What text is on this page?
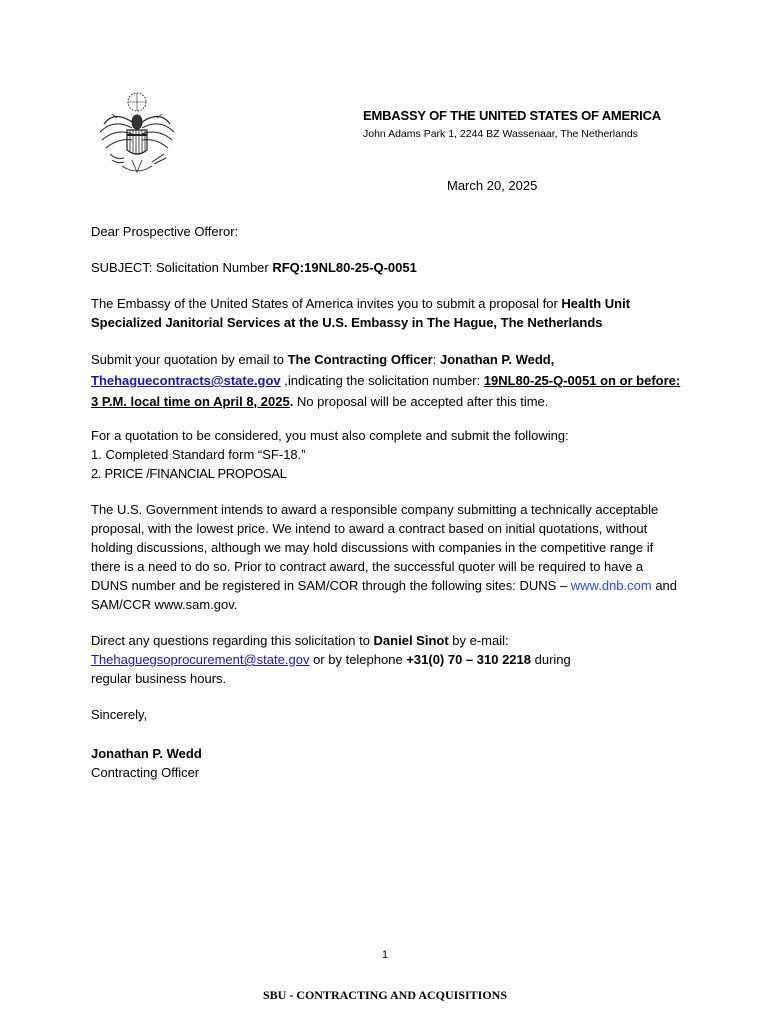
EMBASSY OF THE UNITED STATES OF AMERICA
John Adams Park 1, 2244 BZ Wassenaar, The Netherlands
March 20, 2025

Dear Prospective Offeror:

SUBJECT: Solicitation Number RFQ:19NL80-25-Q-0051

The Embassy of the United States of America invites you to submit a proposal for Health Unit Specialized Janitorial Services at the U.S. Embassy in The Hague, The Netherlands

Submit your quotation by email to The Contracting Officer: Jonathan P. Wedd,
Thehaguecontracts@state.gov ,indicating the solicitation number: 19NL80-25-Q-0051 on or before: 3 P.M. local time on April 8, 2025. No proposal will be accepted after this time.

For a quotation to be considered, you must also complete and submit the following:

1. Completed Standard form “SF-18.”

2. PRICE /FINANCIAL PROPOSAL

The U.S. Government intends to award a responsible company submitting a technically acceptable proposal, with the lowest price. We intend to award a contract based on initial quotations, without holding discussions, although we may hold discussions with companies in the competitive range if there is a need to do so. Prior to contract award, the successful quoter will be required to have a DUNS number and be registered in SAM/COR through the following sites: DUNS – www.dnb.com and SAM/CCR www.sam.gov.

Direct any questions regarding this solicitation to Daniel Sinot by e-mail:
Thehaguegsoprocurement@state.gov or by telephone +31(0) 70 – 310 2218 during
regular business hours.

Sincerely,

Jonathan P. Wedd

Contracting Officer

1
SBU - CONTRACTING AND ACQUISITIONS
